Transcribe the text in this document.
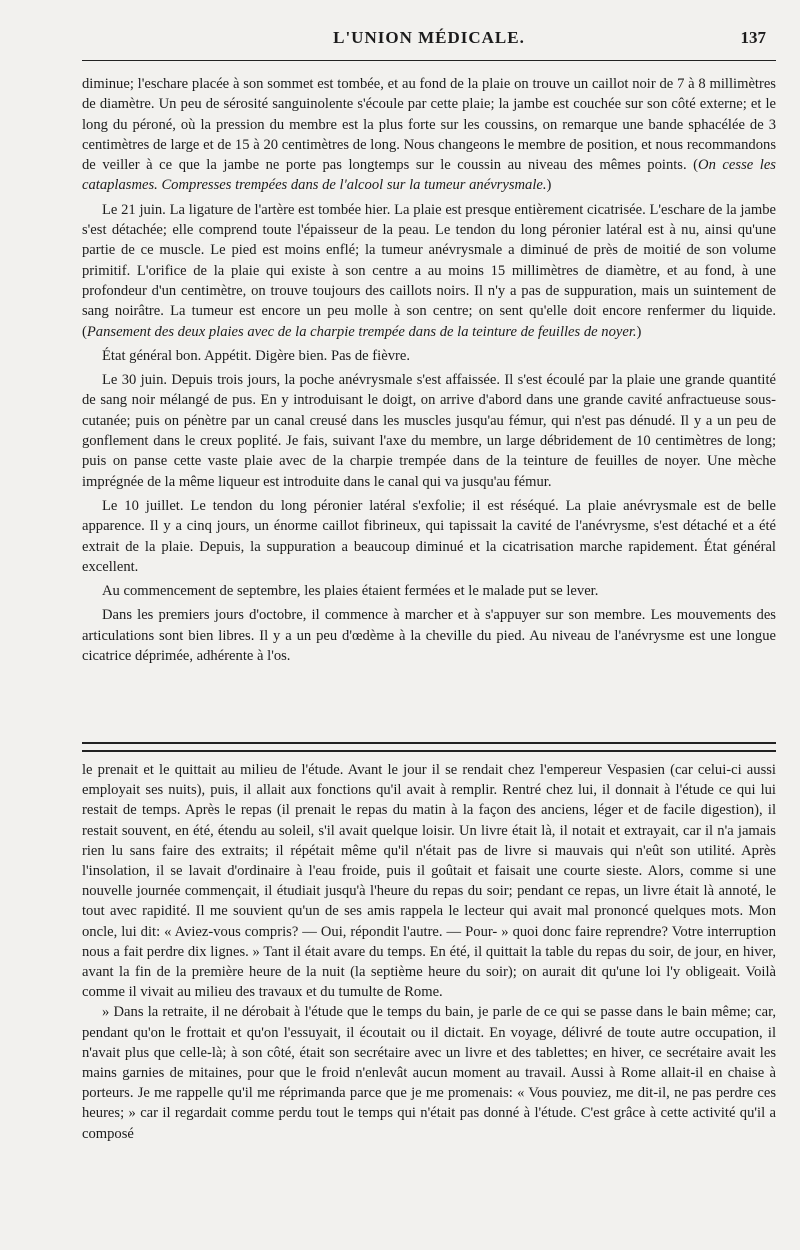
L'UNION MÉDICALE.	137

diminue; l'eschare placée à son sommet est tombée, et au fond de la plaie on trouve un caillot noir de 7 à 8 millimètres de diamètre. Un peu de sérosité sanguinolente s'écoule par cette plaie; la jambe est couchée sur son côté externe; et le long du péroné, où la pression du membre est la plus forte sur les coussins, on remarque une bande sphacélée de 3 centimètres de large et de 15 à 20 centimètres de long. Nous changeons le membre de position, et nous recommandons de veiller à ce que la jambe ne porte pas longtemps sur le coussin au niveau des mêmes points. (On cesse les cataplasmes. Compresses trempées dans de l'alcool sur la tumeur anévrysmale.)

Le 21 juin. La ligature de l'artère est tombée hier. La plaie est presque entièrement cicatrisée. L'eschare de la jambe s'est détachée; elle comprend toute l'épaisseur de la peau. Le tendon du long péronier latéral est à nu, ainsi qu'une partie de ce muscle. Le pied est moins enflé; la tumeur anévrysmale a diminué de près de moitié de son volume primitif. L'orifice de la plaie qui existe à son centre a au moins 15 millimètres de diamètre, et au fond, à une profondeur d'un centimètre, on trouve toujours des caillots noirs. Il n'y a pas de suppuration, mais un suintement de sang noirâtre. La tumeur est encore un peu molle à son centre; on sent qu'elle doit encore renfermer du liquide. (Pansement des deux plaies avec de la charpie trempée dans de la teinture de feuilles de noyer.)

État général bon. Appétit. Digère bien. Pas de fièvre.

Le 30 juin. Depuis trois jours, la poche anévrysmale s'est affaissée. Il s'est écoulé par la plaie une grande quantité de sang noir mélangé de pus. En y introduisant le doigt, on arrive d'abord dans une grande cavité anfractueuse sous-cutanée; puis on pénètre par un canal creusé dans les muscles jusqu'au fémur, qui n'est pas dénudé. Il y a un peu de gonflement dans le creux poplité. Je fais, suivant l'axe du membre, un large débridement de 10 centimètres de long; puis on panse cette vaste plaie avec de la charpie trempée dans de la teinture de feuilles de noyer. Une mèche imprégnée de la même liqueur est introduite dans le canal qui va jusqu'au fémur.

Le 10 juillet. Le tendon du long péronier latéral s'exfolie; il est réséqué. La plaie anévrysmale est de belle apparence. Il y a cinq jours, un énorme caillot fibrineux, qui tapissait la cavité de l'anévrysme, s'est détaché et a été extrait de la plaie. Depuis, la suppuration a beaucoup diminué et la cicatrisation marche rapidement. État général excellent.

Au commencement de septembre, les plaies étaient fermées et le malade put se lever.

Dans les premiers jours d'octobre, il commence à marcher et à s'appuyer sur son membre. Les mouvements des articulations sont bien libres. Il y a un peu d'œdème à la cheville du pied. Au niveau de l'anévrysme est une longue cicatrice déprimée, adhérente à l'os.

le prenait et le quittait au milieu de l'étude. Avant le jour il se rendait chez l'empereur Vespasien (car celui-ci aussi employait ses nuits), puis, il allait aux fonctions qu'il avait à remplir. Rentré chez lui, il donnait à l'étude ce qui lui restait de temps. Après le repas (il prenait le repas du matin à la façon des anciens, léger et de facile digestion), il restait souvent, en été, étendu au soleil, s'il avait quelque loisir. Un livre était là, il notait et extrayait, car il n'a jamais rien lu sans faire des extraits; il répétait même qu'il n'était pas de livre si mauvais qui n'eût son utilité. Après l'insolation, il se lavait d'ordinaire à l'eau froide, puis il goûtait et faisait une courte sieste. Alors, comme si une nouvelle journée commençait, il étudiait jusqu'à l'heure du repas du soir; pendant ce repas, un livre était là annoté, le tout avec rapidité. Il me souvient qu'un de ses amis rappela le lecteur qui avait mal prononcé quelques mots. Mon oncle, lui dit: « Aviez-vous compris? — Oui, répondit l'autre. — Pour- » quoi donc faire reprendre? Votre interruption nous a fait perdre dix lignes. » Tant il était avare du temps. En été, il quittait la table du repas du soir, de jour, en hiver, avant la fin de la première heure de la nuit (la septième heure du soir); on aurait dit qu'une loi l'y obligeait. Voilà comme il vivait au milieu des travaux et du tumulte de Rome.

» Dans la retraite, il ne dérobait à l'étude que le temps du bain, je parle de ce qui se passe dans le bain même; car, pendant qu'on le frottait et qu'on l'essuyait, il écoutait ou il dictait. En voyage, délivré de toute autre occupation, il n'avait plus que celle-là; à son côté, était son secrétaire avec un livre et des tablettes; en hiver, ce secrétaire avait les mains garnies de mitaines, pour que le froid n'enlevât aucun moment au travail. Aussi à Rome allait-il en chaise à porteurs. Je me rappelle qu'il me réprimanda parce que je me promenais: « Vous pouviez, me dit-il, ne pas perdre ces heures; » car il regardait comme perdu tout le temps qui n'était pas donné à l'étude. C'est grâce à cette activité qu'il a composé
